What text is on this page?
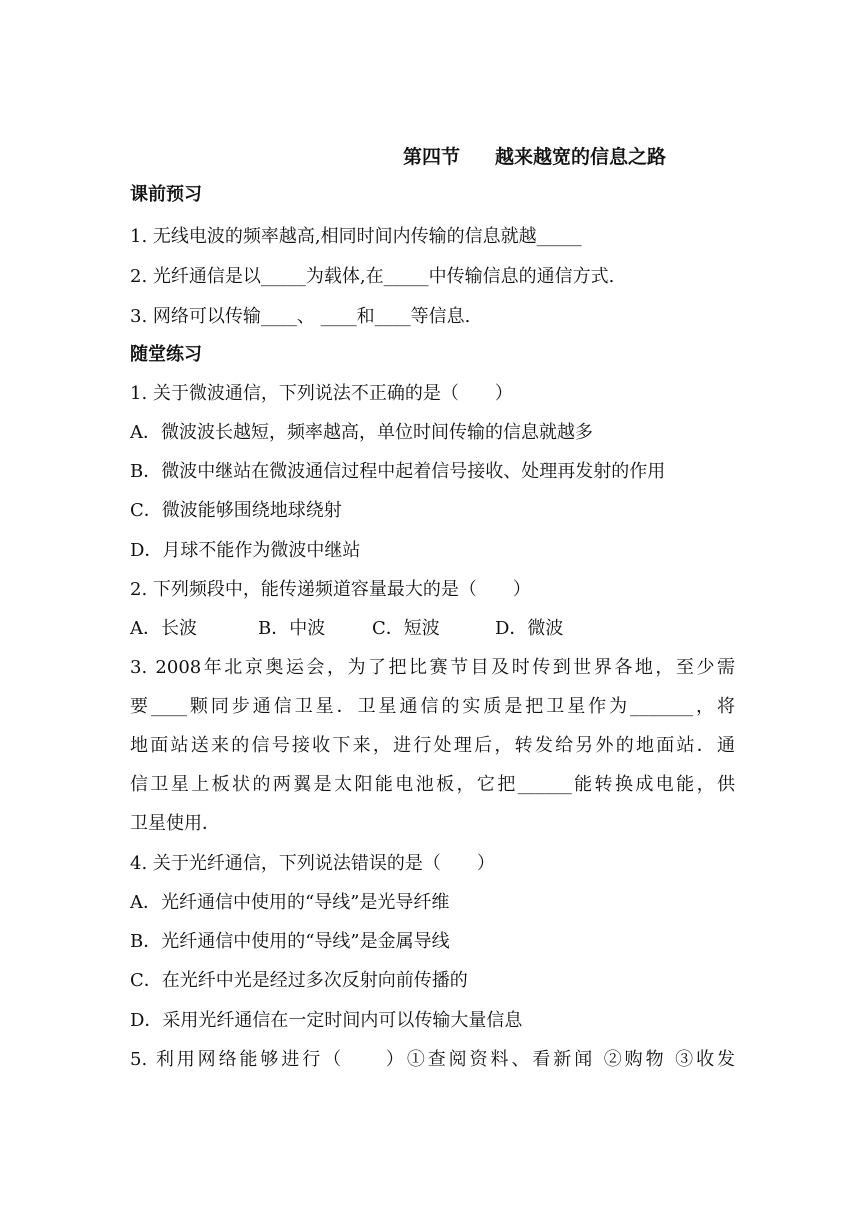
第四节 越来越宽的信息之路
课前预习
1. 无线电波的频率越高,相同时间内传输的信息就越_____
2. 光纤通信是以_____为载体,在_____中传输信息的通信方式.
3. 网络可以传输____、 ____和____等信息.
随堂练习
1. 关于微波通信，下列说法不正确的是（　　）
A．微波波长越短，频率越高，单位时间传输的信息就越多
B．微波中继站在微波通信过程中起着信号接收、处理再发射的作用
C．微波能够围绕地球绕射
D．月球不能作为微波中继站
2. 下列频段中，能传递频道容量最大的是（　　）
A．长波	B．中波	C．短波	D．微波
3. 2008年北京奥运会，为了把比赛节目及时传到世界各地，至少需
要____颗同步通信卫星．卫星通信的实质是把卫星作为_______，将
地面站送来的信号接收下来，进行处理后，转发给另外的地面站．通
信卫星上板状的两翼是太阳能电池板，它把______能转换成电能，供
卫星使用．
4. 关于光纤通信，下列说法错误的是（　　）
A．光纤通信中使用的“导线”是光导纤维
B．光纤通信中使用的“导线”是金属导线
C．在光纤中光是经过多次反射向前传播的
D．采用光纤通信在一定时间内可以传输大量信息
5. 利用网络能够进行（　　）①查阅资料、看新闻 ②购物 ③收发
